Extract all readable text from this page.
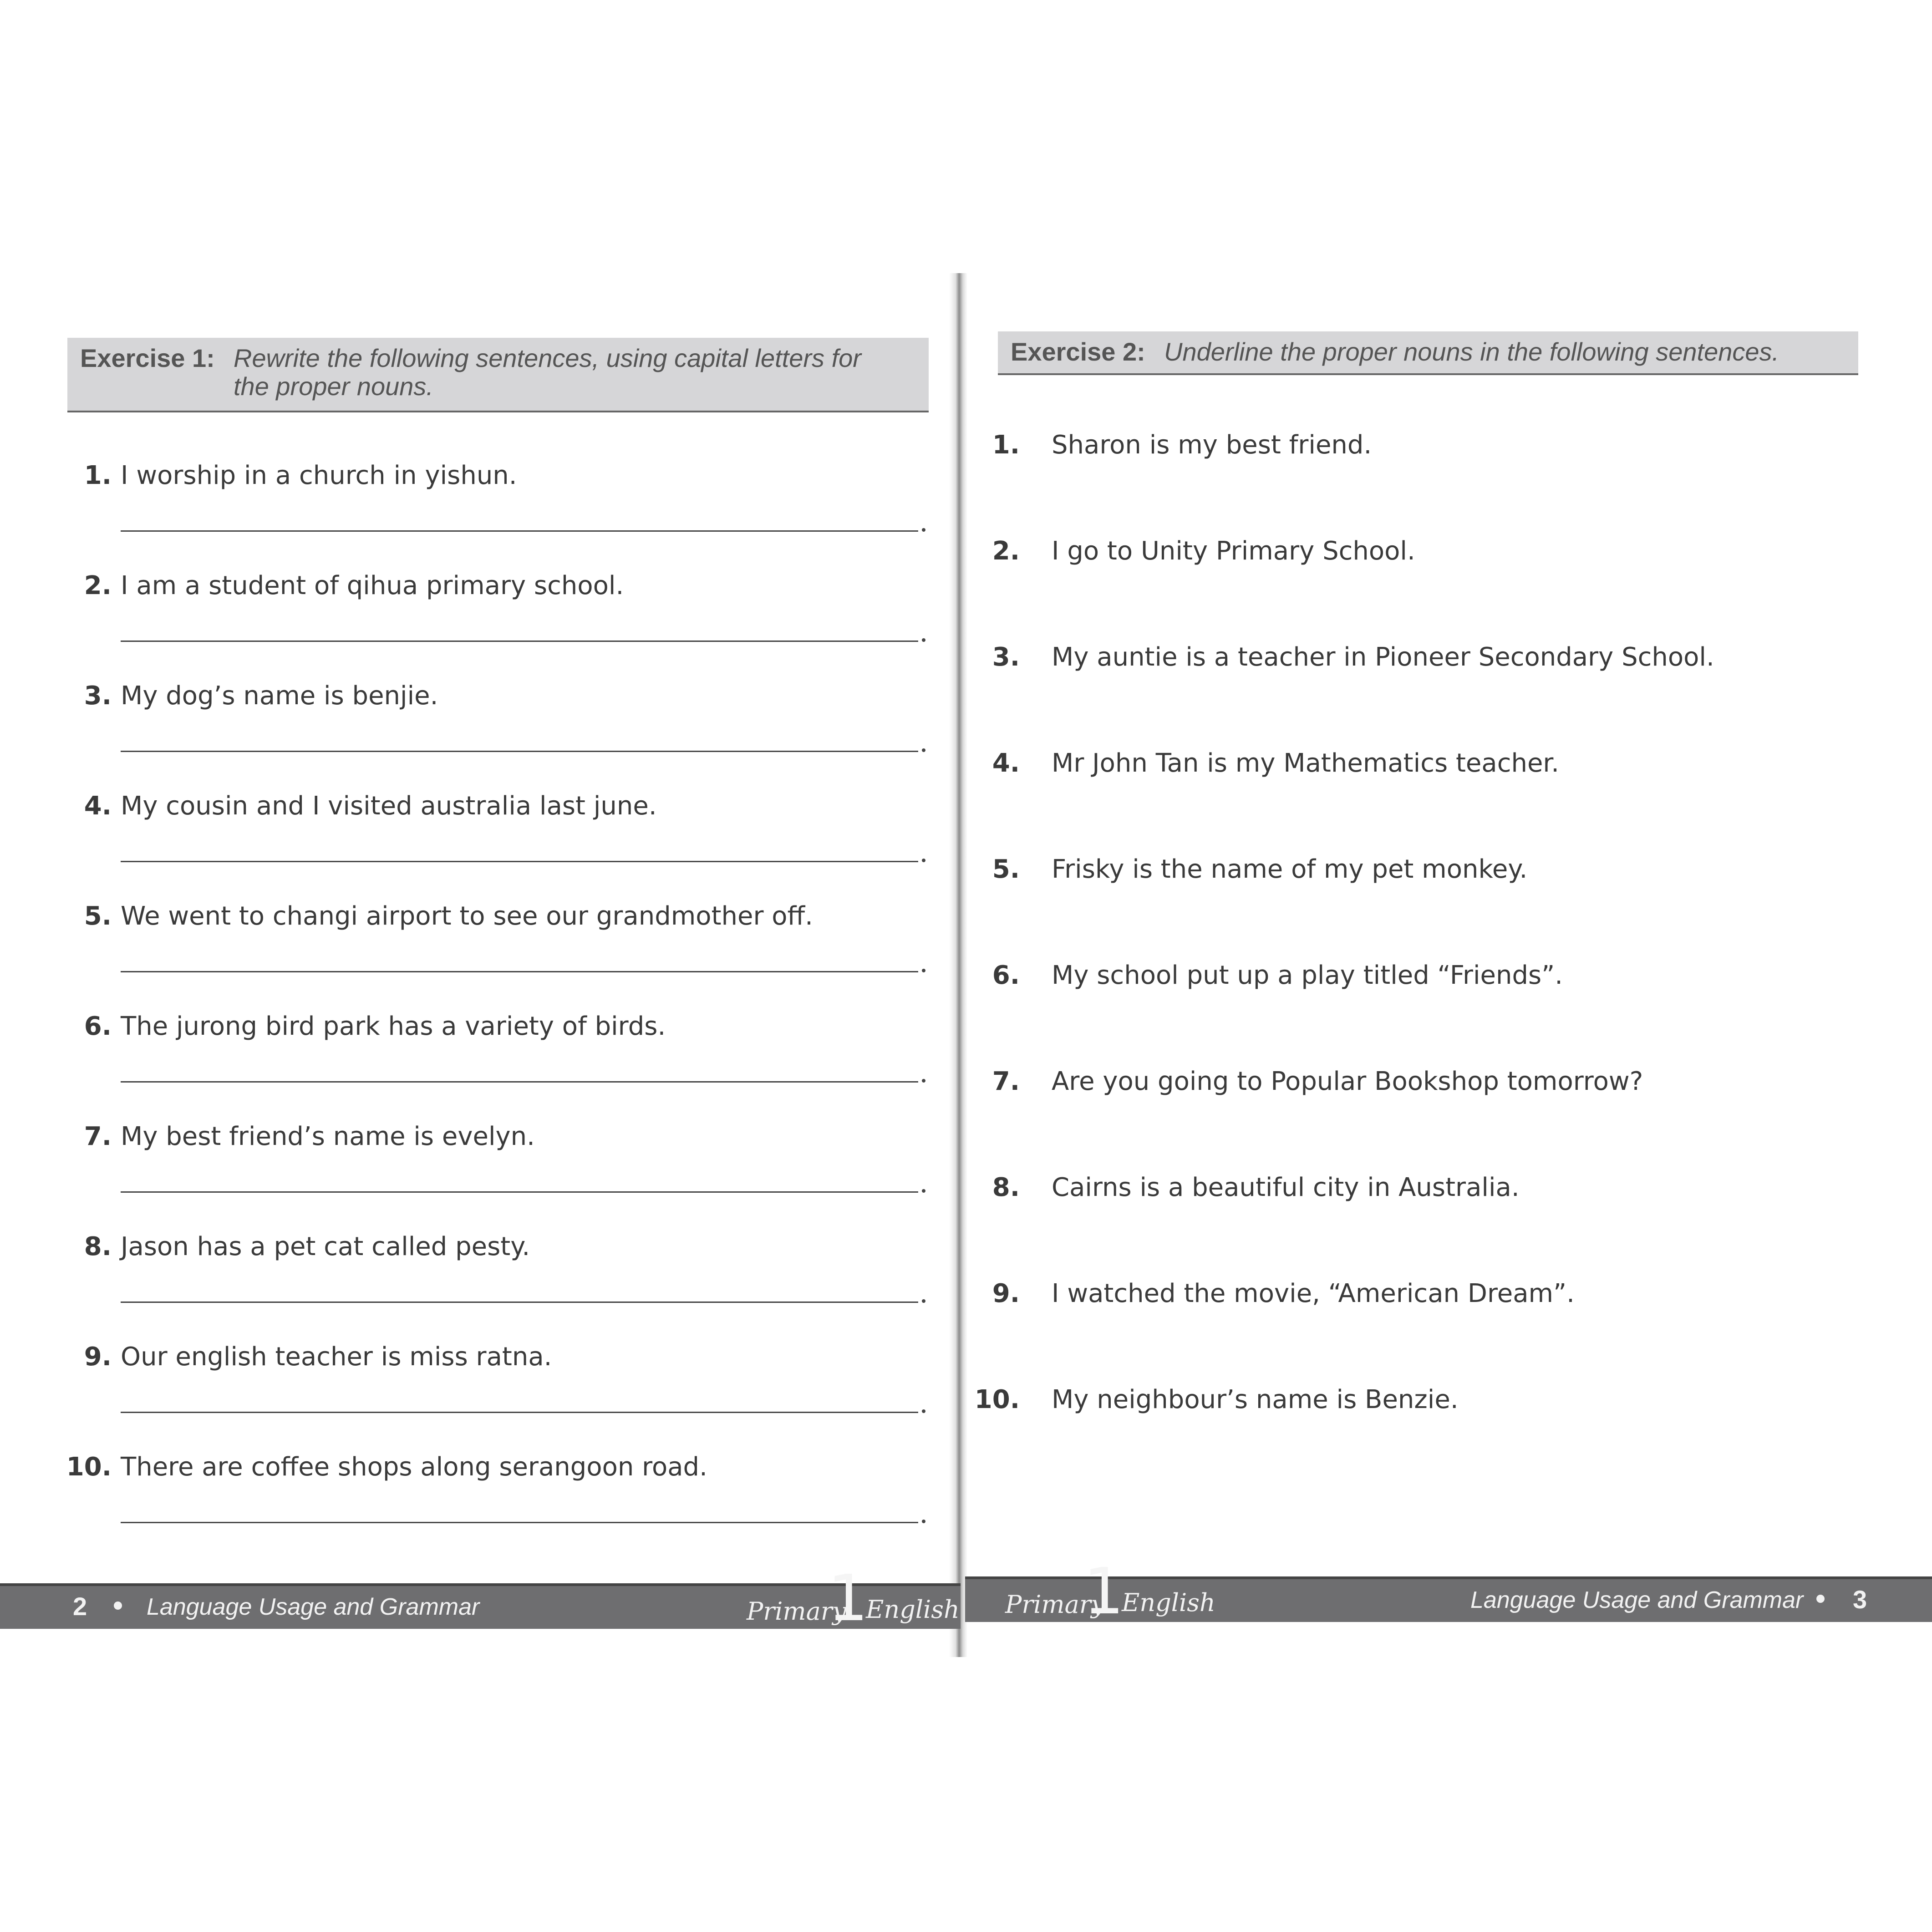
Exercise 1: Rewrite the following sentences, using capital letters for the proper nouns.
1. I worship in a church in yishun.
2. I am a student of qihua primary school.
3. My dog’s name is benjie.
4. My cousin and I visited australia last june.
5. We went to changi airport to see our grandmother off.
6. The jurong bird park has a variety of birds.
7. My best friend’s name is evelyn.
8. Jason has a pet cat called pesty.
9. Our english teacher is miss ratna.
10. There are coffee shops along serangoon road.
Exercise 2: Underline the proper nouns in the following sentences.
1. Sharon is my best friend.
2. I go to Unity Primary School.
3. My auntie is a teacher in Pioneer Secondary School.
4. Mr John Tan is my Mathematics teacher.
5. Frisky is the name of my pet monkey.
6. My school put up a play titled “Friends”.
7. Are you going to Popular Bookshop tomorrow?
8. Cairns is a beautiful city in Australia.
9. I watched the movie, “American Dream”.
10. My neighbour’s name is Benzie.
2	Language Usage and Grammar	Primary
1
English Primary
1
English	Language Usage and Grammar 3
